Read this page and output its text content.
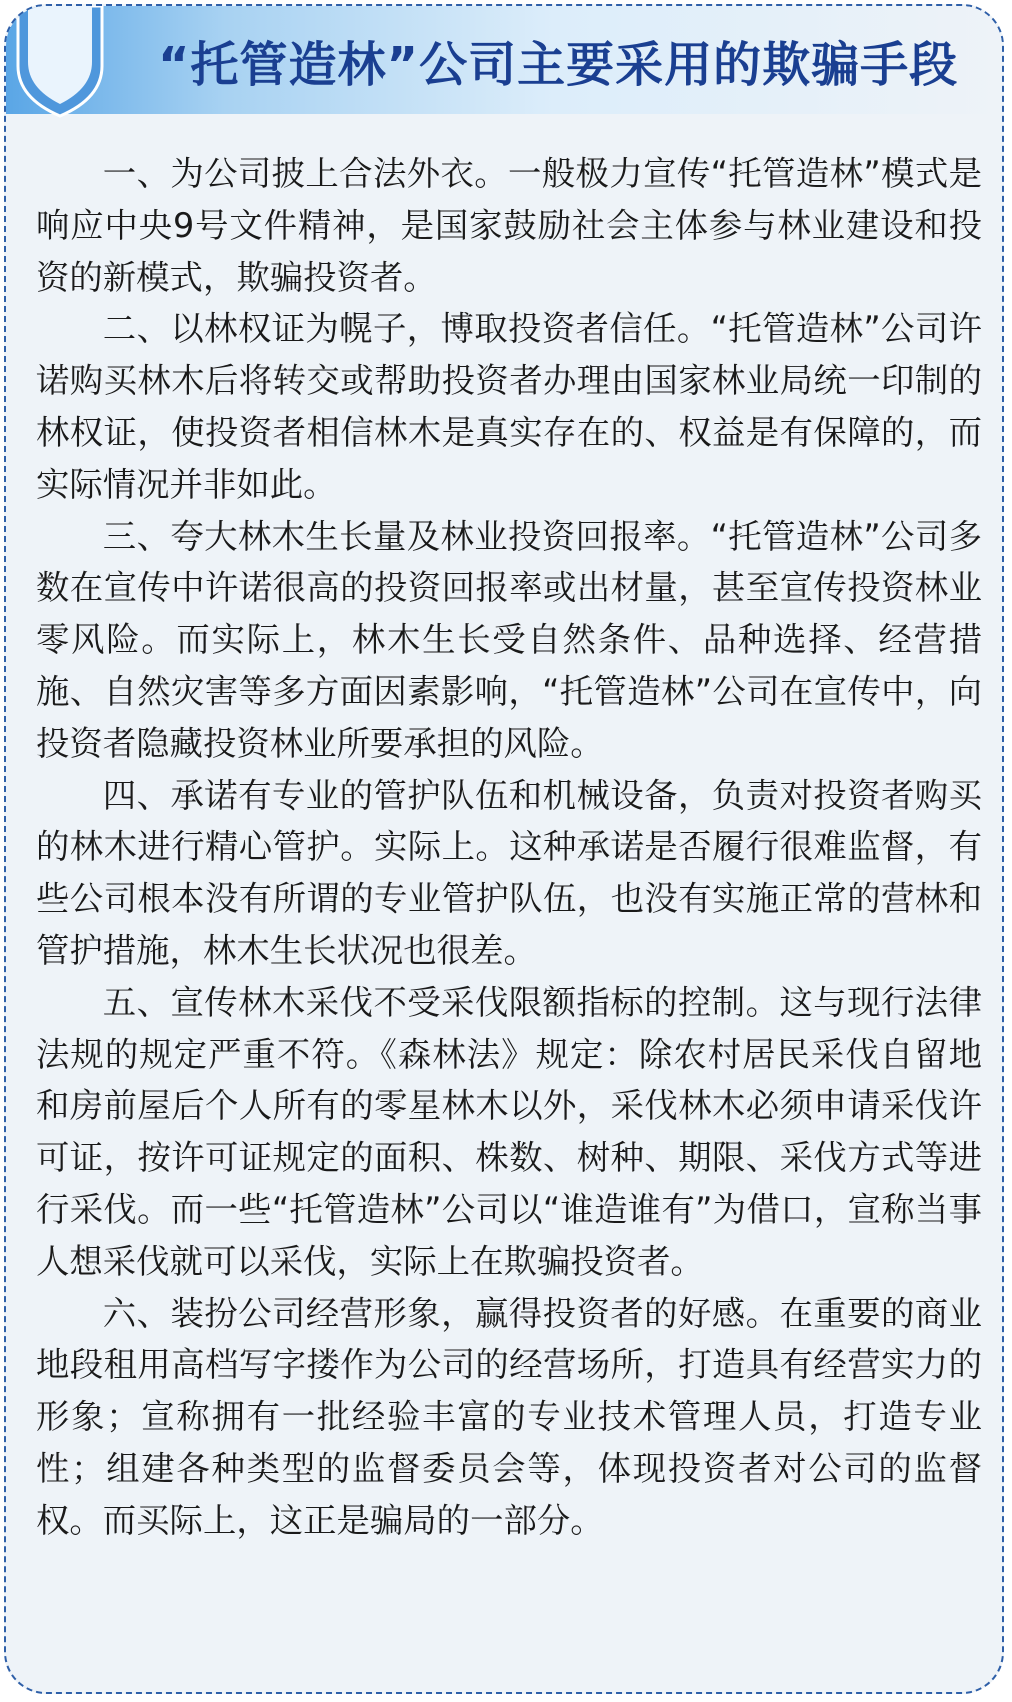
“托管造林”公司主要采用的欺骗手段

一、为公司披上合法外衣。一般极力宣传“托管造林”模式是响应中央9号文件精神，是国家鼓励社会主体参与林业建设和投资的新模式，欺骗投资者。

二、以林权证为幌子，博取投资者信任。“托管造林”公司许诺购买林木后将转交或帮助投资者办理由国家林业局统一印制的林权证，使投资者相信林木是真实存在的、权益是有保障的，而实际情况并非如此。

三、夸大林木生长量及林业投资回报率。“托管造林”公司多数在宣传中许诺很高的投资回报率或出材量，甚至宣传投资林业零风险。而实际上，林木生长受自然条件、品种选择、经营措施、自然灾害等多方面因素影响，“托管造林”公司在宣传中，向投资者隐藏投资林业所要承担的风险。

四、承诺有专业的管护队伍和机械设备，负责对投资者购买的林木进行精心管护。实际上。这种承诺是否履行很难监督，有些公司根本没有所谓的专业管护队伍，也没有实施正常的营林和管护措施，林木生长状况也很差。

五、宣传林木采伐不受采伐限额指标的控制。这与现行法律法规的规定严重不符。《森林法》规定：除农村居民采伐自留地和房前屋后个人所有的零星林木以外，采伐林木必须申请采伐许可证，按许可证规定的面积、株数、树种、期限、采伐方式等进行采伐。而一些“托管造林”公司以“谁造谁有”为借口，宣称当事人想采伐就可以采伐，实际上在欺骗投资者。

六、装扮公司经营形象，赢得投资者的好感。在重要的商业地段租用高档写字搂作为公司的经营场所，打造具有经营实力的形象；宣称拥有一批经验丰富的专业技术管理人员，打造专业性；组建各种类型的监督委员会等，体现投资者对公司的监督权。而买际上，这正是骗局的一部分。
